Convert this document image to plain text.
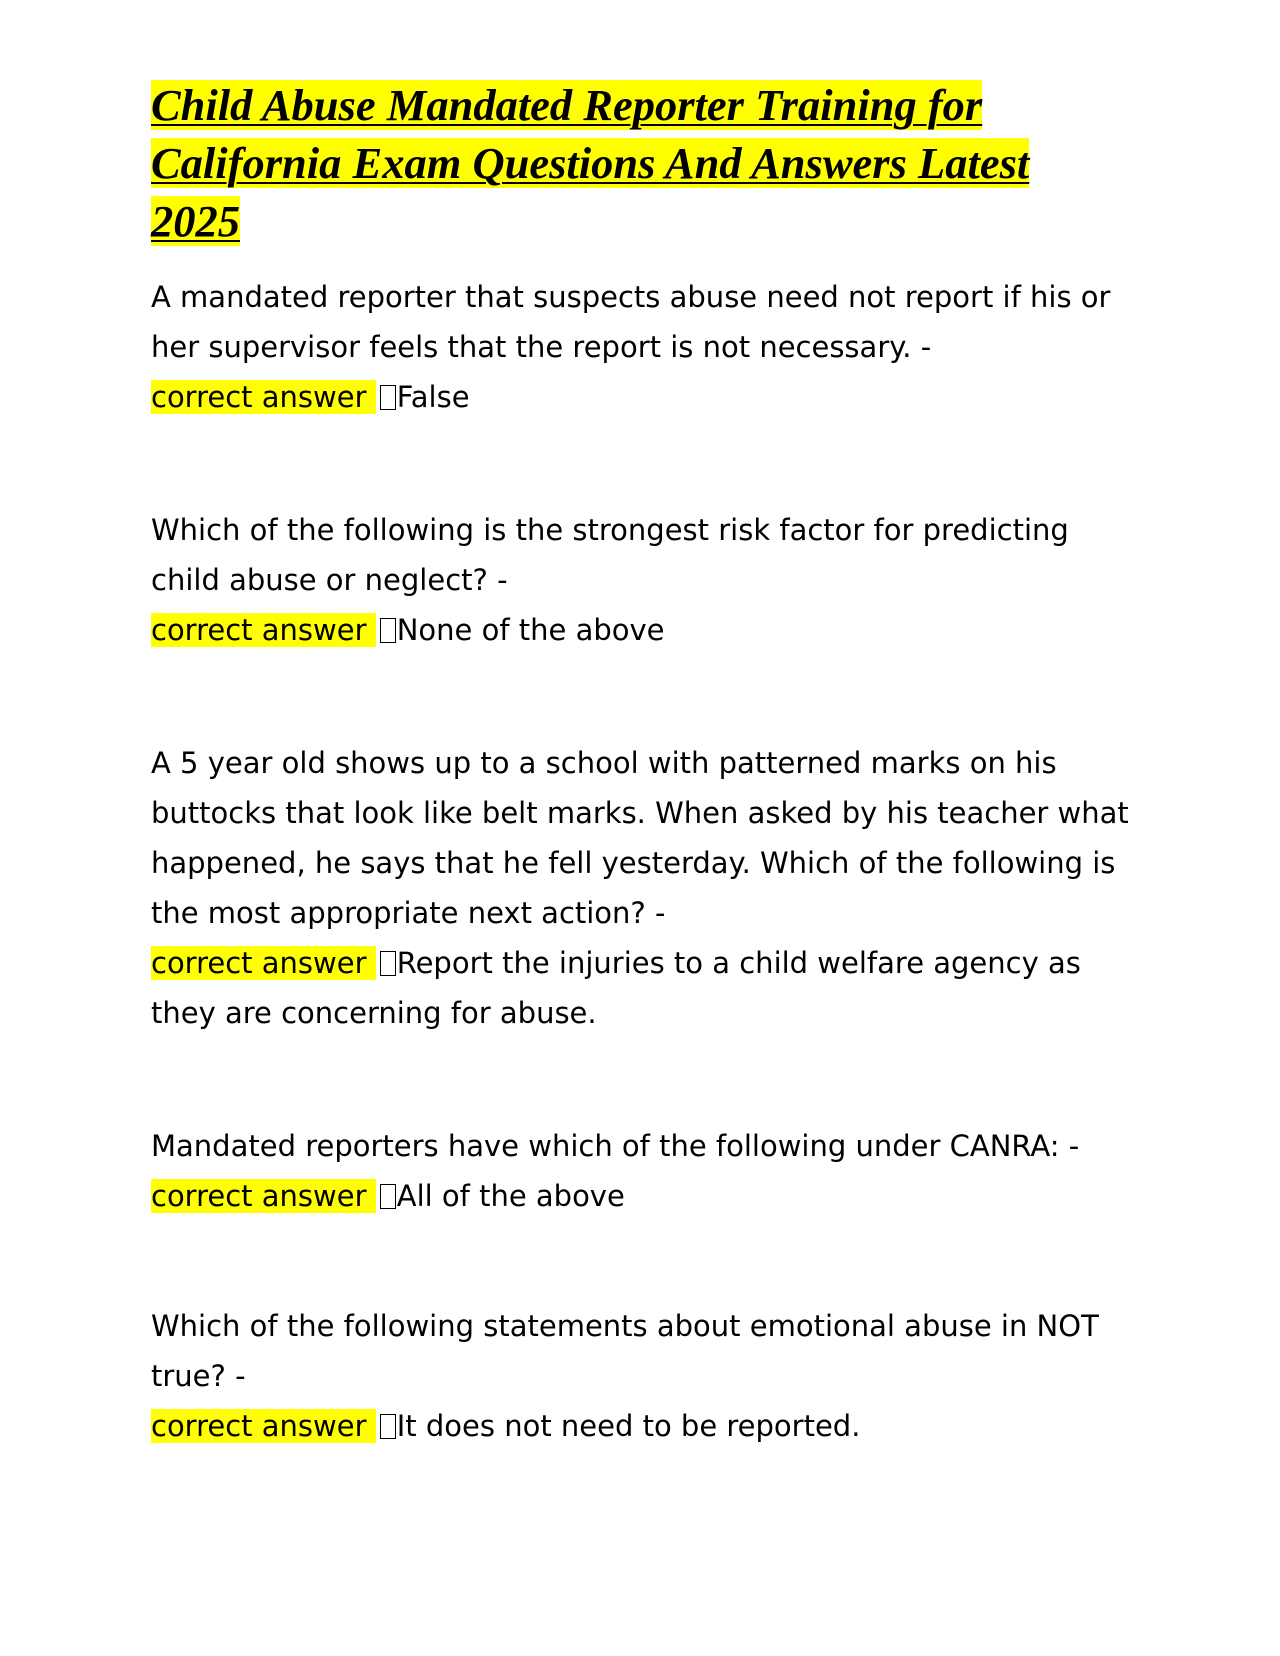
Child Abuse Mandated Reporter Training for California Exam Questions And Answers Latest 2025

A mandated reporter that suspects abuse need not report if his or her supervisor feels that the report is not necessary. -

correct answer False

Which of the following is the strongest risk factor for predicting child abuse or neglect? -

correct answer None of the above

A 5 year old shows up to a school with patterned marks on his buttocks that look like belt marks. When asked by his teacher what happened, he says that he fell yesterday. Which of the following is the most appropriate next action? -

correct answer Report the injuries to a child welfare agency as they are concerning for abuse.

Mandated reporters have which of the following under CANRA: -

correct answer All of the above

Which of the following statements about emotional abuse in NOT true? -

correct answer It does not need to be reported.
